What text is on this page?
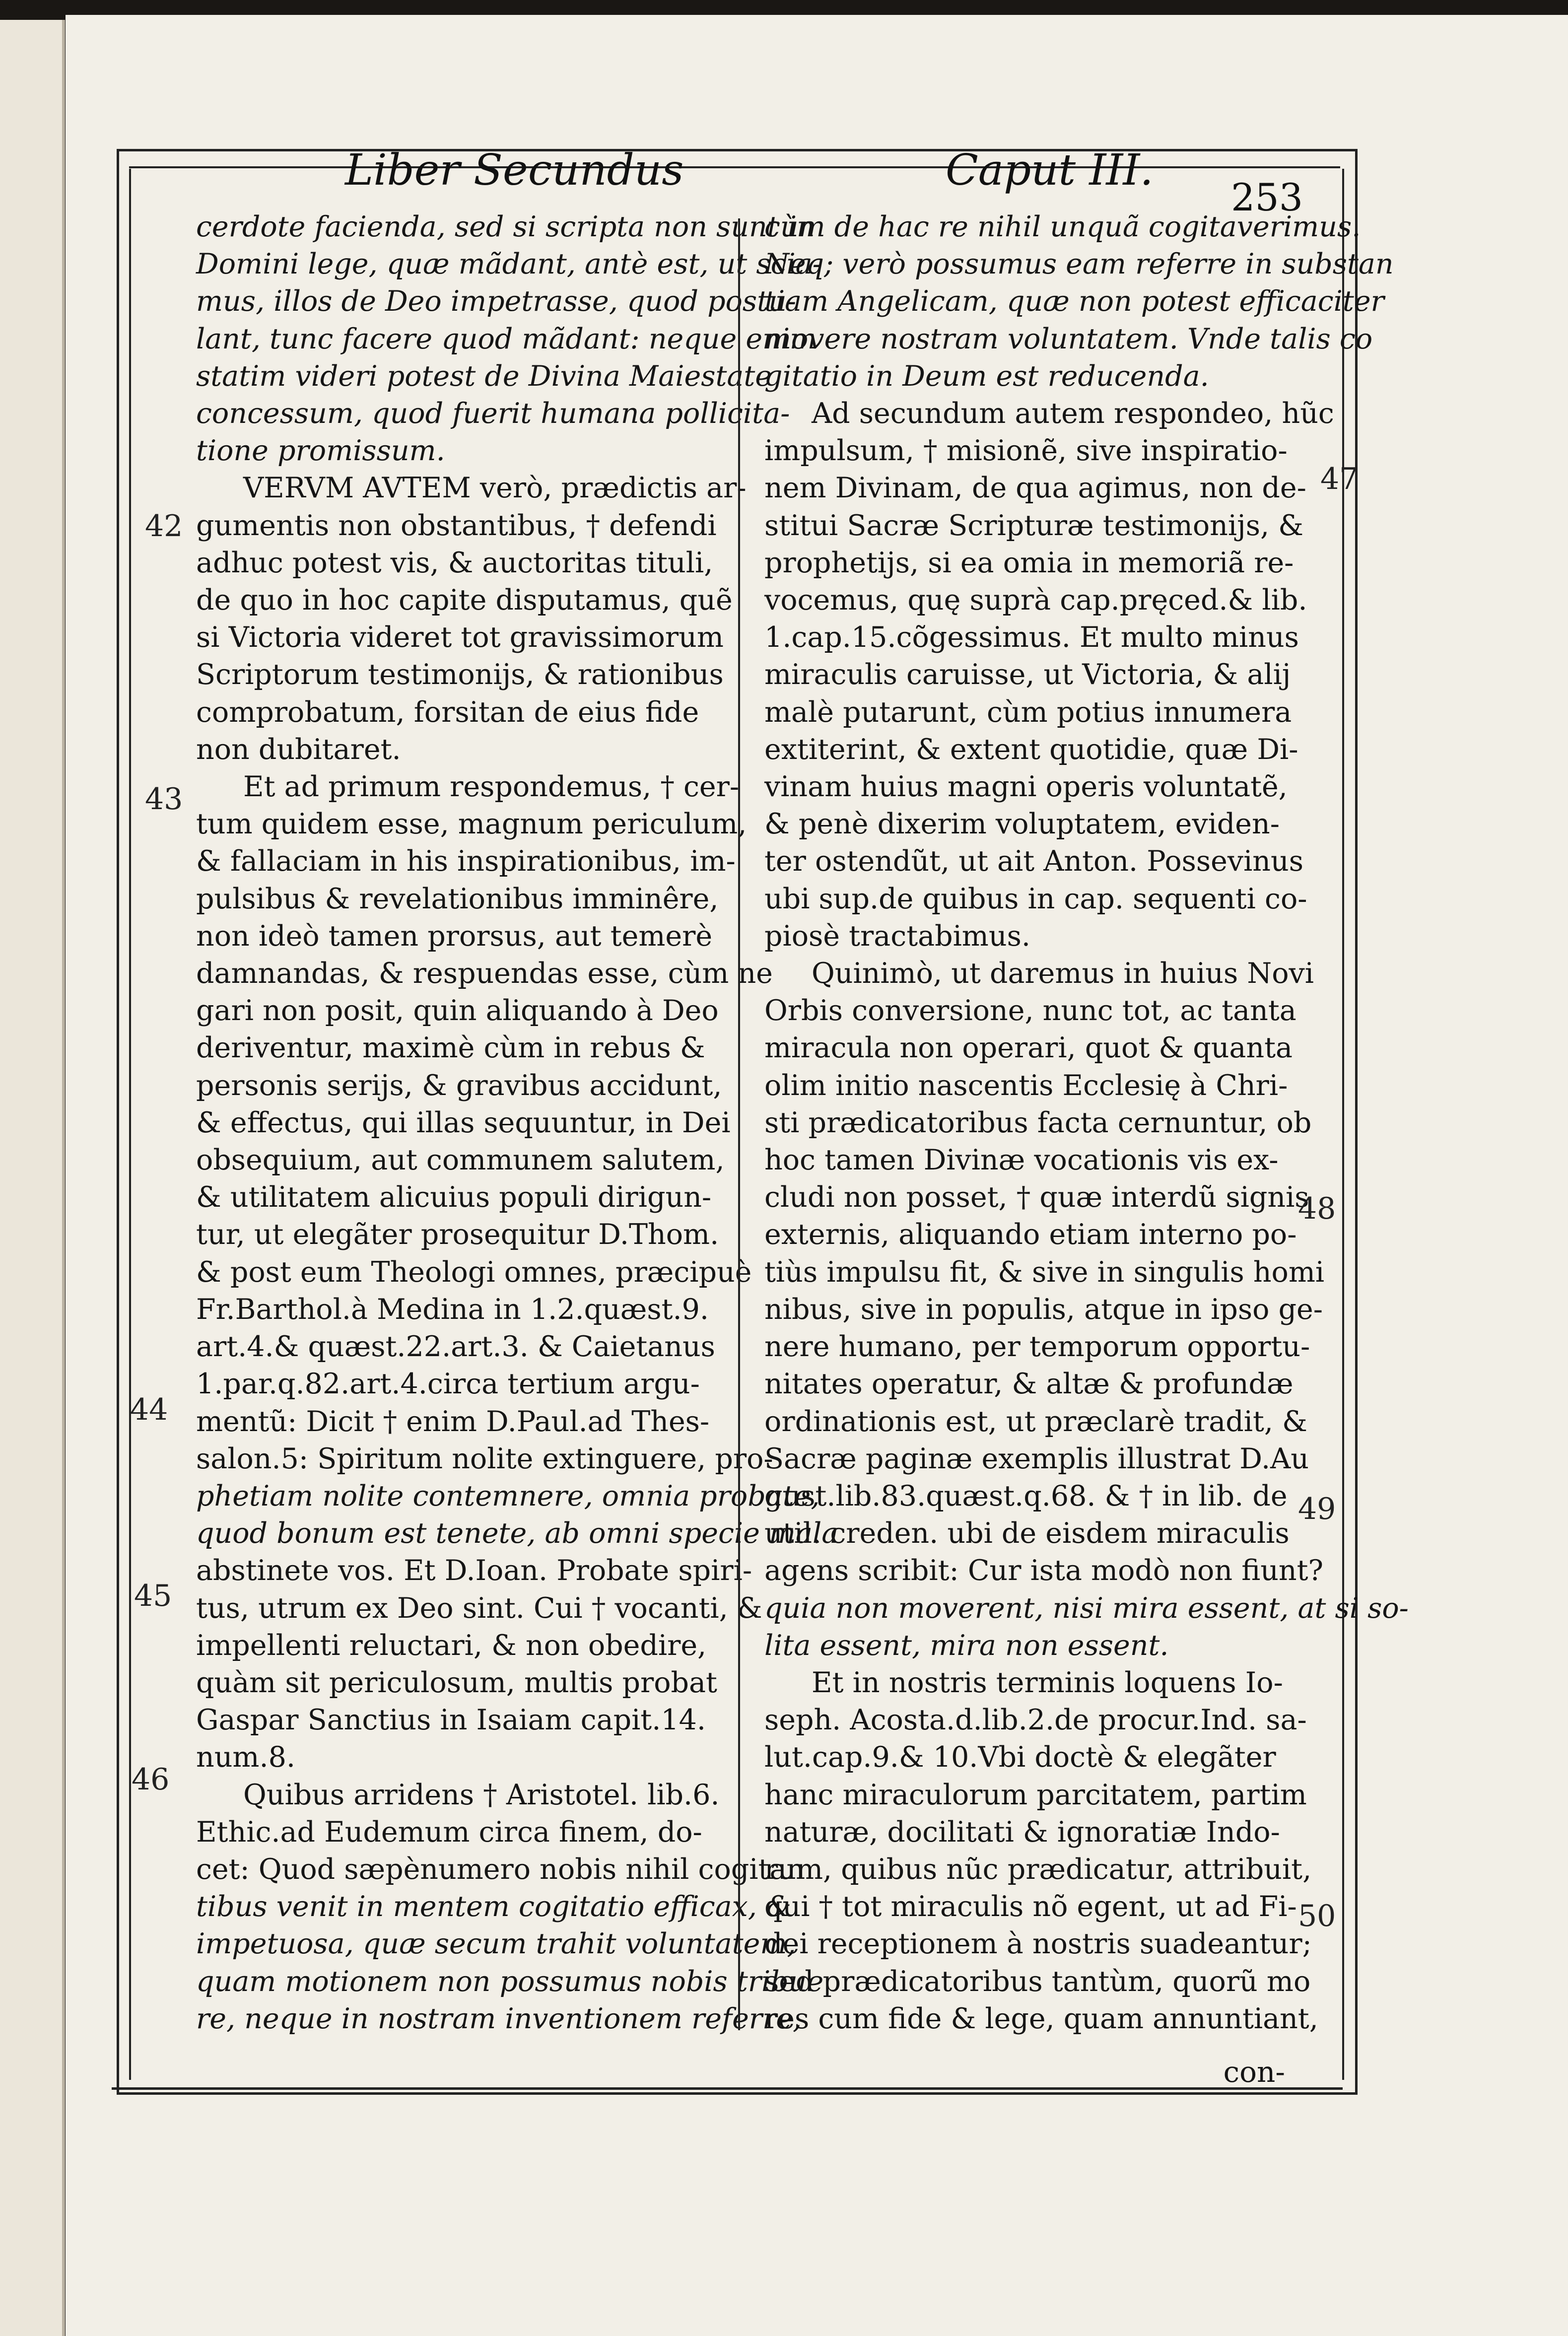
Liber Secundus	Caput III.
253
cerdote facienda, sed si scripta non sunt in
Domini lege, quæ mãdant, antè est, ut scia-
mus, illos de Deo impetrasse, quod postu-
lant, tunc facere quod mãdant: neque enim
statim videri potest de Divina Maiestate
concessum, quod fuerit humana pollicita-
tione promissum.
VERVM AVTEM verò, prædictis ar-
gumentis non obstantibus, † defendi
adhuc potest vis, & auctoritas tituli,
de quo in hoc capite disputamus, quẽ
si Victoria videret tot gravissimorum
Scriptorum testimonijs, & rationibus
comprobatum, forsitan de eius fide
non dubitaret.
Et ad primum respondemus, † cer-
tum quidem esse, magnum periculum,
& fallaciam in his inspirationibus, im-
pulsibus & revelationibus imminêre,
non ideò tamen prorsus, aut temerè
damnandas, & respuendas esse, cùm ne
gari non posit, quin aliquando à Deo
deriventur, maximè cùm in rebus &
personis serijs, & gravibus accidunt,
& effectus, qui illas sequuntur, in Dei
obsequium, aut communem salutem,
& utilitatem alicuius populi dirigun-
tur, ut elegãter prosequitur D.Thom.
& post eum Theologi omnes, præcipuè
Fr.Barthol.à Medina in 1.2.quæst.9.
art.4.& quæst.22.art.3. & Caietanus
1.par.q.82.art.4.circa tertium argu-
mentũ: Dicit † enim D.Paul.ad Thes-
salon.5: Spiritum nolite extinguere, pro-
phetiam nolite contemnere, omnia probate,
quod bonum est tenete, ab omni specie mala
abstinete vos. Et D.Ioan. Probate spiri-
tus, utrum ex Deo sint. Cui † vocanti, &
impellenti reluctari, & non obedire,
quàm sit periculosum, multis probat
Gaspar Sanctius in Isaiam capit.14.
num.8.
Quibus arridens † Aristotel. lib.6.
Ethic.ad Eudemum circa finem, do-
cet: Quod sæpènumero nobis nihil cogitan
tibus venit in mentem cogitatio efficax, &
impetuosa, quæ secum trahit voluntatem,
quam motionem non possumus nobis tribue
re, neque in nostram inventionem referre,
cùm de hac re nihil unquã cogitaverimus.
Neq; verò possumus eam referre in substan
tiam Angelicam, quæ non potest efficaciter
movere nostram voluntatem. Vnde talis co
gitatio in Deum est reducenda.
Ad secundum autem respondeo, hũc
impulsum, † misionẽ, sive inspiratio-
nem Divinam, de qua agimus, non de-
stitui Sacræ Scripturæ testimonijs, &
prophetijs, si ea omia in memoriã re-
vocemus, quę suprà cap.pręced.& lib.
1.cap.15.cõgessimus. Et multo minus
miraculis caruisse, ut Victoria, & alij
malè putarunt, cùm potius innumera
extiterint, & extent quotidie, quæ Di-
vinam huius magni operis voluntatẽ,
& penè dixerim voluptatem, eviden-
ter ostendũt, ut ait Anton. Possevinus
ubi sup.de quibus in cap. sequenti co-
piosè tractabimus.
Quinimò, ut daremus in huius Novi
Orbis conversione, nunc tot, ac tanta
miracula non operari, quot & quanta
olim initio nascentis Ecclesię à Chri-
sti prædicatoribus facta cernuntur, ob
hoc tamen Divinæ vocationis vis ex-
cludi non posset, † quæ interdũ signis
externis, aliquando etiam interno po-
tiùs impulsu fit, & sive in singulis homi
nibus, sive in populis, atque in ipso ge-
nere humano, per temporum opportu-
nitates operatur, & altæ & profundæ
ordinationis est, ut præclarè tradit, &
Sacræ paginæ exemplis illustrat D.Au
gust.lib.83.quæst.q.68. & † in lib. de
util. creden. ubi de eisdem miraculis
agens scribit: Cur ista modò non fiunt?
quia non moverent, nisi mira essent, at si so-
lita essent, mira non essent.
Et in nostris terminis loquens Io-
seph. Acosta.d.lib.2.de procur.Ind. sa-
lut.cap.9.& 10.Vbi doctè & elegãter
hanc miraculorum parcitatem, partim
naturæ, docilitati & ignoratiæ Indo-
rum, quibus nũc prædicatur, attribuit,
qui † tot miraculis nõ egent, ut ad Fi-
dei receptionem à nostris suadeantur;
sed prædicatoribus tantùm, quorũ mo
res cum fide & lege, quam annuntiant,
42
43
44
45
46
47
48
49
50
con-
